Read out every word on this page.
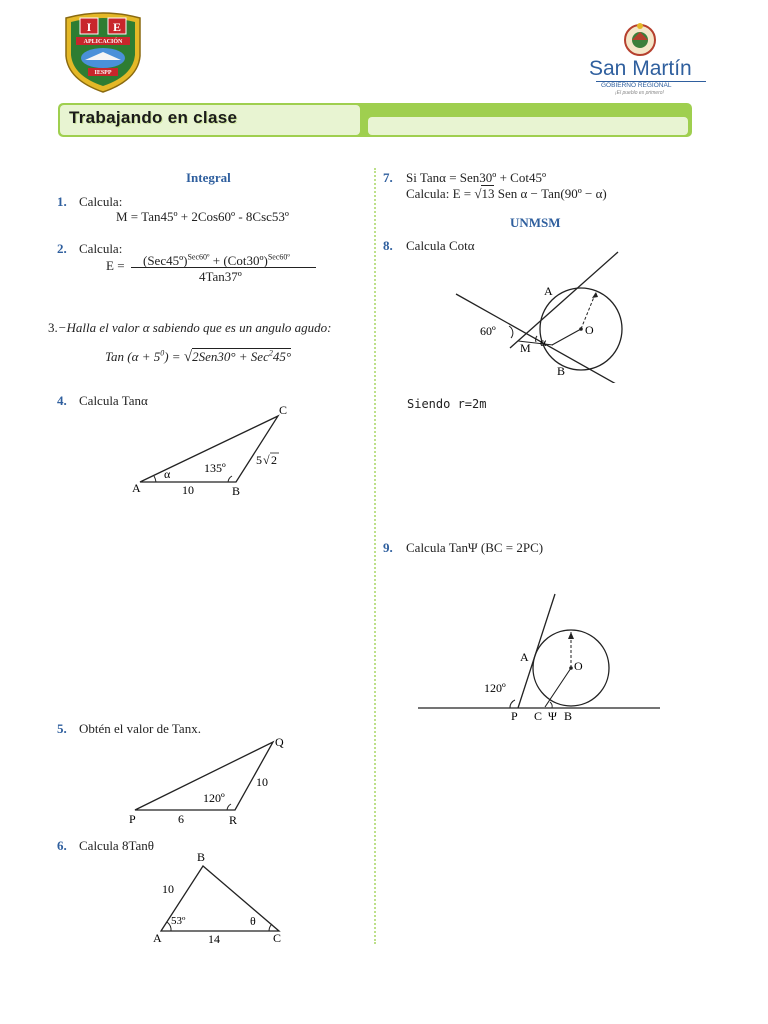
I E
APLICACIÓN
IESPP	San Martín
GOBIERNO REGIONAL
¡El pueblo es primero!
Trabajando en clase
Integral
1. Calcula:
M = Tan45º + 2Cos60º - 8Csc53º
2. Calcula:
E = (Sec45º)$^{Sec60º}$ + (Cot30º)$^{Sec60º}$
4Tan37º
3.−Halla el valor α sabiendo que es un angulo agudo:
Tan $(\alpha + 5^0) = √2Sen30^\circ + Sec^245^\circ$
4. Calcula Tanα
A	B
C
α	135º
10
5 √ 2
5. Obtén el valor de Tanx.
P
Q
R
120º
6
10
6. Calcula 8Tanθ
A
B
C
53º	θ
10
14
7. Si Tanα = Sen30º + Cot45º
Calcula: E = √13 Sen α − Tan(90º − α)
UNMSM
8. Calcula Cotα
A
B
M
O
60º
α
Siendo r=2m
9. Calcula TanΨ (BC = 2PC)
A
O
P C Ψ B
120º
